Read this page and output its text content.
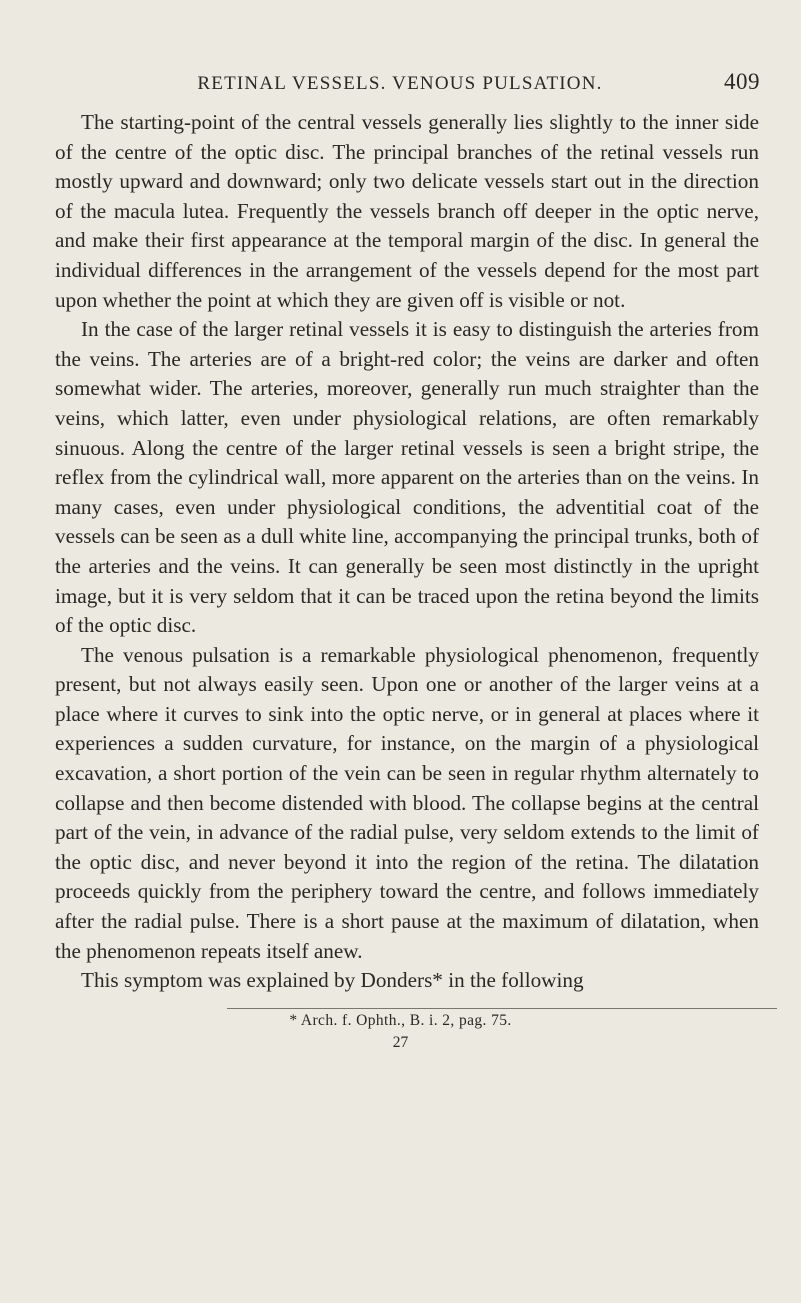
RETINAL VESSELS. VENOUS PULSATION.	409

The starting-point of the central vessels generally lies slightly to the inner side of the centre of the optic disc. The principal branches of the retinal vessels run mostly upward and downward; only two delicate vessels start out in the direction of the macula lutea. Frequently the vessels branch off deeper in the optic nerve, and make their first appearance at the temporal margin of the disc. In general the individual differences in the arrangement of the vessels depend for the most part upon whether the point at which they are given off is visible or not.

In the case of the larger retinal vessels it is easy to distinguish the arteries from the veins. The arteries are of a bright-red color; the veins are darker and often somewhat wider. The arteries, moreover, generally run much straighter than the veins, which latter, even under physiological relations, are often remarkably sinuous. Along the centre of the larger retinal vessels is seen a bright stripe, the reflex from the cylindrical wall, more apparent on the arteries than on the veins. In many cases, even under physiological conditions, the adventitial coat of the vessels can be seen as a dull white line, accompanying the principal trunks, both of the arteries and the veins. It can generally be seen most distinctly in the upright image, but it is very seldom that it can be traced upon the retina beyond the limits of the optic disc.

The venous pulsation is a remarkable physiological phenomenon, frequently present, but not always easily seen. Upon one or another of the larger veins at a place where it curves to sink into the optic nerve, or in general at places where it experiences a sudden curvature, for instance, on the margin of a physiological excavation, a short portion of the vein can be seen in regular rhythm alternately to collapse and then become distended with blood. The collapse begins at the central part of the vein, in advance of the radial pulse, very seldom extends to the limit of the optic disc, and never beyond it into the region of the retina. The dilatation proceeds quickly from the periphery toward the centre, and follows immediately after the radial pulse. There is a short pause at the maximum of dilatation, when the phenomenon repeats itself anew.

This symptom was explained by Donders* in the following

* Arch. f. Ophth., B. i. 2, pag. 75.
27
